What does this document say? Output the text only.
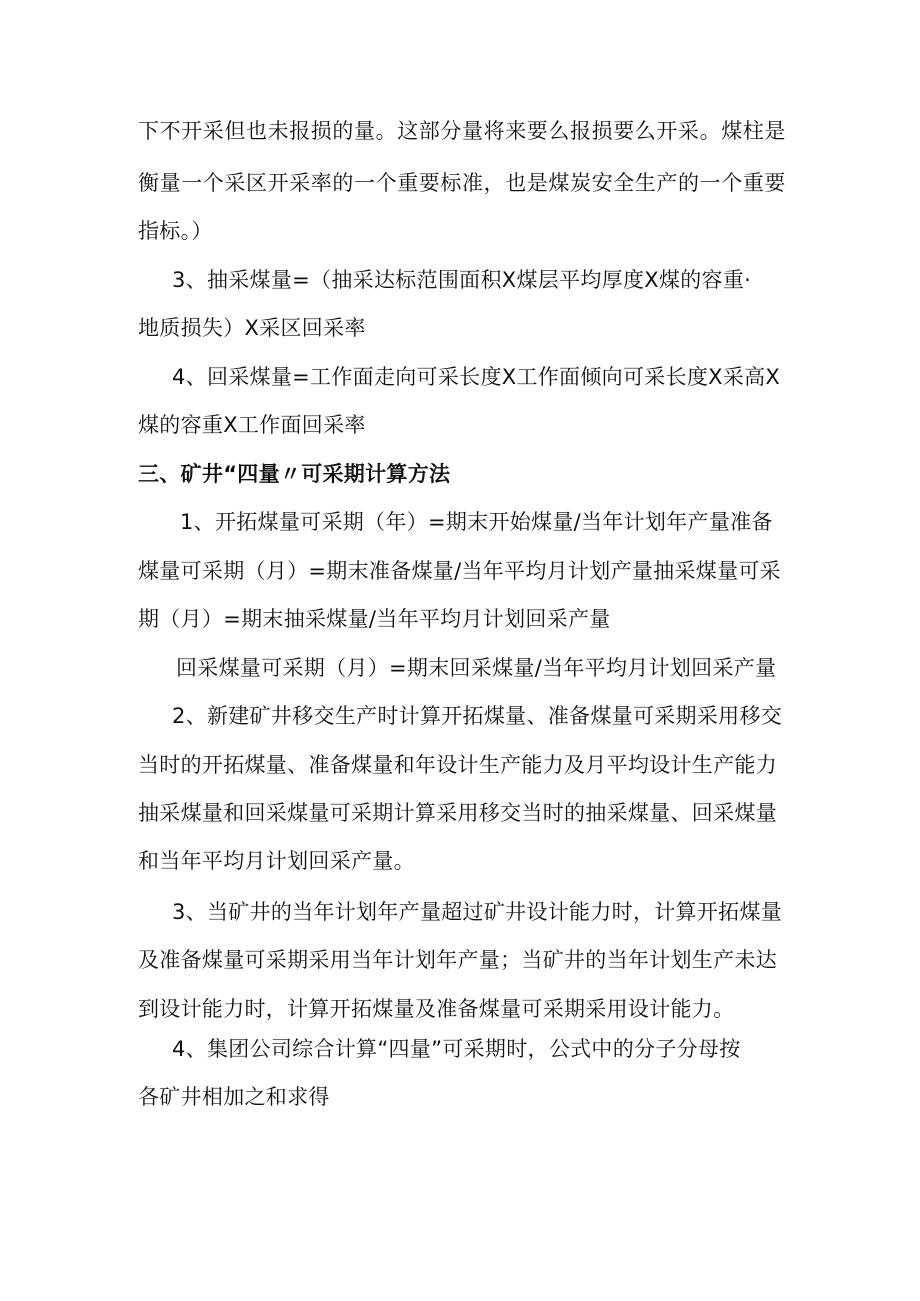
下不开采但也未报损的量。这部分量将来要么报损要么开采。煤柱是
衡量一个采区开采率的一个重要标准，也是煤炭安全生产的一个重要
指标。）
3、抽采煤量=（抽采达标范围面积X煤层平均厚度X煤的容重·
地质损失）X采区回采率
4、回采煤量=工作面走向可采长度X工作面倾向可采长度X采高X
煤的容重X工作面回采率
三、矿井“四量〃可采期计算方法
1、开拓煤量可采期（年）=期末开始煤量/当年计划年产量准备
煤量可采期（月）=期末准备煤量/当年平均月计划产量抽采煤量可采
期（月）=期末抽采煤量/当年平均月计划回采产量
回采煤量可采期（月）=期末回采煤量/当年平均月计划回采产量
2、新建矿井移交生产时计算开拓煤量、准备煤量可采期采用移交
当时的开拓煤量、准备煤量和年设计生产能力及月平均设计生产能力
抽采煤量和回采煤量可采期计算采用移交当时的抽采煤量、回采煤量
和当年平均月计划回采产量。
3、当矿井的当年计划年产量超过矿井设计能力时，计算开拓煤量
及准备煤量可采期采用当年计划年产量；当矿井的当年计划生产未达
到设计能力时，计算开拓煤量及准备煤量可采期采用设计能力。
4、集团公司综合计算“四量”可采期时，公式中的分子分母按
各矿井相加之和求得
